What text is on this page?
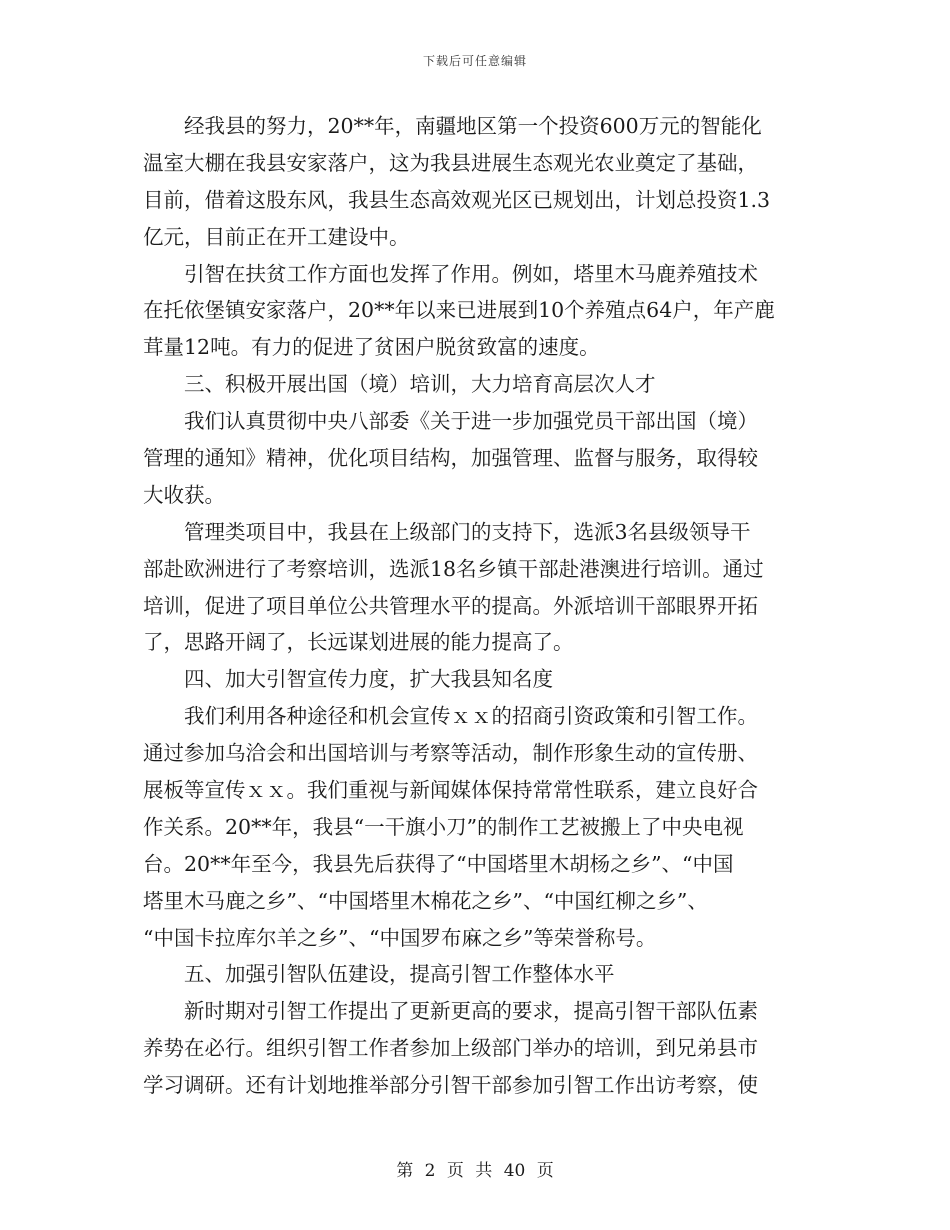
下载后可任意编辑
经我县的努力，20**年，南疆地区第一个投资600万元的智能化
温室大棚在我县安家落户，这为我县进展生态观光农业奠定了基础，
目前，借着这股东风，我县生态高效观光区已规划出，计划总投资1.3
亿元，目前正在开工建设中。
引智在扶贫工作方面也发挥了作用。例如，塔里木马鹿养殖技术
在托依堡镇安家落户，20**年以来已进展到10个养殖点64户，年产鹿
茸量12吨。有力的促进了贫困户脱贫致富的速度。
三、积极开展出国（境）培训，大力培育高层次人才
我们认真贯彻中央八部委《关于进一步加强党员干部出国（境）
管理的通知》精神，优化项目结构，加强管理、监督与服务，取得较
大收获。
管理类项目中，我县在上级部门的支持下，选派3名县级领导干
部赴欧洲进行了考察培训，选派18名乡镇干部赴港澳进行培训。通过
培训，促进了项目单位公共管理水平的提高。外派培训干部眼界开拓
了，思路开阔了，长远谋划进展的能力提高了。
四、加大引智宣传力度，扩大我县知名度
我们利用各种途径和机会宣传ｘｘ的招商引资政策和引智工作。
通过参加乌洽会和出国培训与考察等活动，制作形象生动的宣传册、
展板等宣传ｘｘ。我们重视与新闻媒体保持常常性联系，建立良好合
作关系。20**年，我县“一干旗小刀”的制作工艺被搬上了中央电视
台。20**年至今，我县先后获得了“中国塔里木胡杨之乡”、“中国
塔里木马鹿之乡”、“中国塔里木棉花之乡”、“中国红柳之乡”、
“中国卡拉库尔羊之乡”、“中国罗布麻之乡”等荣誉称号。
五、加强引智队伍建设，提高引智工作整体水平
新时期对引智工作提出了更新更高的要求，提高引智干部队伍素
养势在必行。组织引智工作者参加上级部门举办的培训，到兄弟县市
学习调研。还有计划地推举部分引智干部参加引智工作出访考察，使
第 2 页 共 40 页
